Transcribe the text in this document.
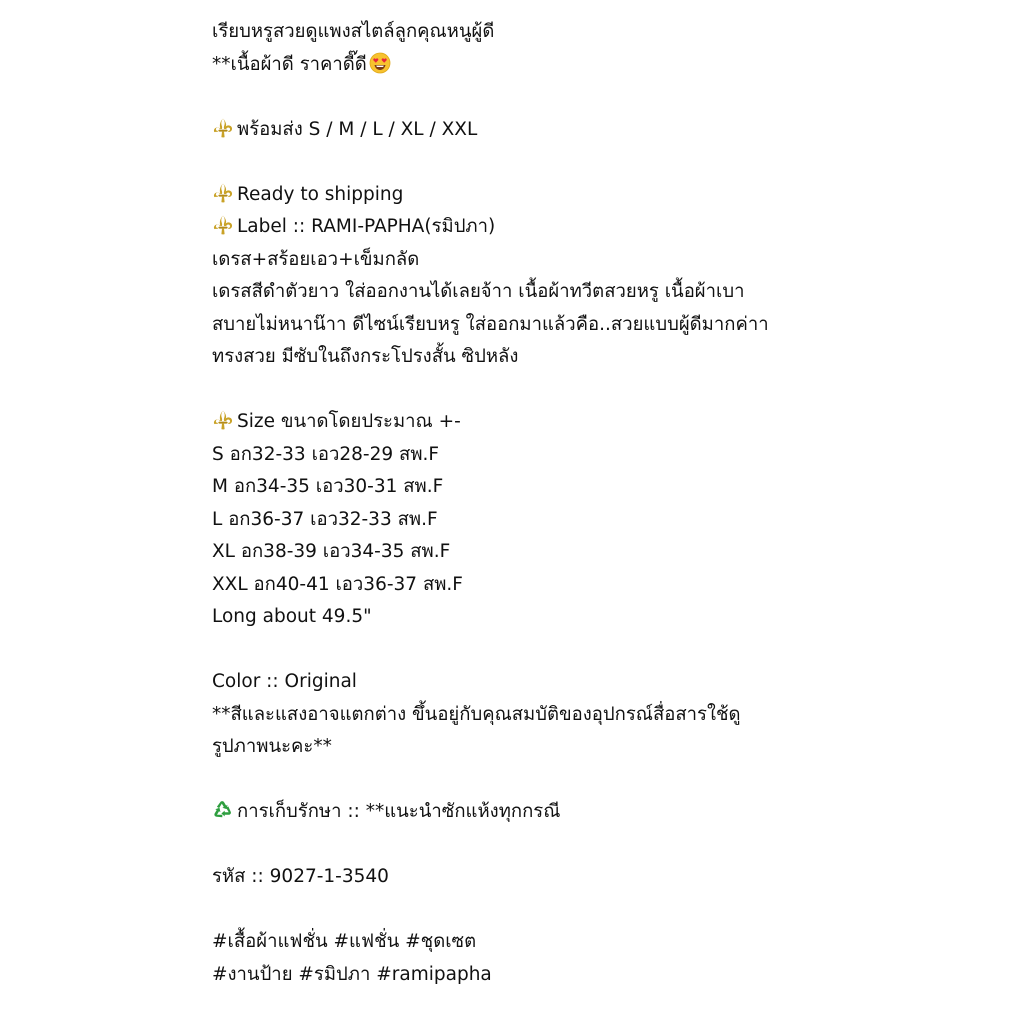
เรียบหรูสวยดูแพงสไตล์ลูกคุณหนูผู้ดี
**เนื้อผ้าดี ราคาดี๊ดี
พร้อมส่ง S / M / L / XL / XXL
Ready to shipping
Label :: RAMI-PAPHA(รมิปภา)
เดรส+สร้อยเอว+เข็มกลัด
เดรสสีดำตัวยาว ใส่ออกงานได้เลยจ้าา เนื้อผ้าทวีตสวยหรู เนื้อผ้าเบา
สบายไม่หนาน๊าา ดีไซน์เรียบหรู ใส่ออกมาแล้วคือ..สวยแบบผู้ดีมากค่าา
ทรงสวย มีซับในถึงกระโปรงสั้น ซิปหลัง
Size ขนาดโดยประมาณ +-
S อก32-33 เอว28-29 สพ.F
M อก34-35 เอว30-31 สพ.F
L อก36-37 เอว32-33 สพ.F
XL อก38-39 เอว34-35 สพ.F
XXL อก40-41 เอว36-37 สพ.F
Long about 49.5"
Color :: Original
**สีและแสงอาจแตกต่าง ขึ้นอยู่กับคุณสมบัติของอุปกรณ์สื่อสารใช้ดู
รูปภาพนะคะ**
การเก็บรักษา :: **แนะนำซักแห้งทุกกรณี
รหัส :: 9027-1-3540
#เสื้อผ้าแฟชั่น #แฟชั่น #ชุดเซต
#งานป้าย #รมิปภา #ramipapha
